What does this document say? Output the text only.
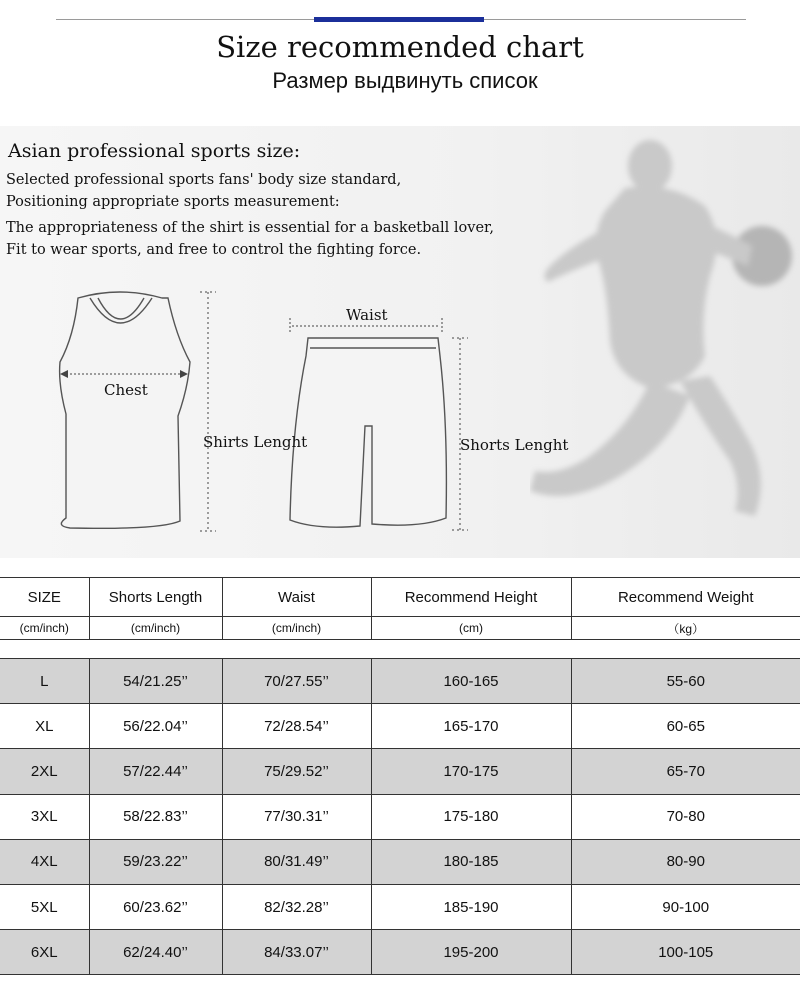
Size recommended chart
Размер выдвинуть список
Asian professional sports size:
Selected professional sports fans' body size standard,
Positioning appropriate sports measurement:
The appropriateness of the shirt is essential for a basketball lover,
Fit to wear sports, and free to control the fighting force.
Chest
Shirts Lenght
Waist
Shorts Lenght
SIZE	Shorts Length	Waist	Recommend Height	Recommend Weight
(cm/inch)	(cm/inch)	(cm/inch)	(cm)	（kg）

L	54/21.25’’	70/27.55’’	160-165	55-60
XL	56/22.04’’	72/28.54’’	165-170	60-65
2XL	57/22.44’’	75/29.52’’	170-175	65-70
3XL	58/22.83’’	77/30.31’’	175-180	70-80
4XL	59/23.22’’	80/31.49’’	180-185	80-90
5XL	60/23.62’’	82/32.28’’	185-190	90-100
6XL	62/24.40’’	84/33.07’’	195-200	100-105
